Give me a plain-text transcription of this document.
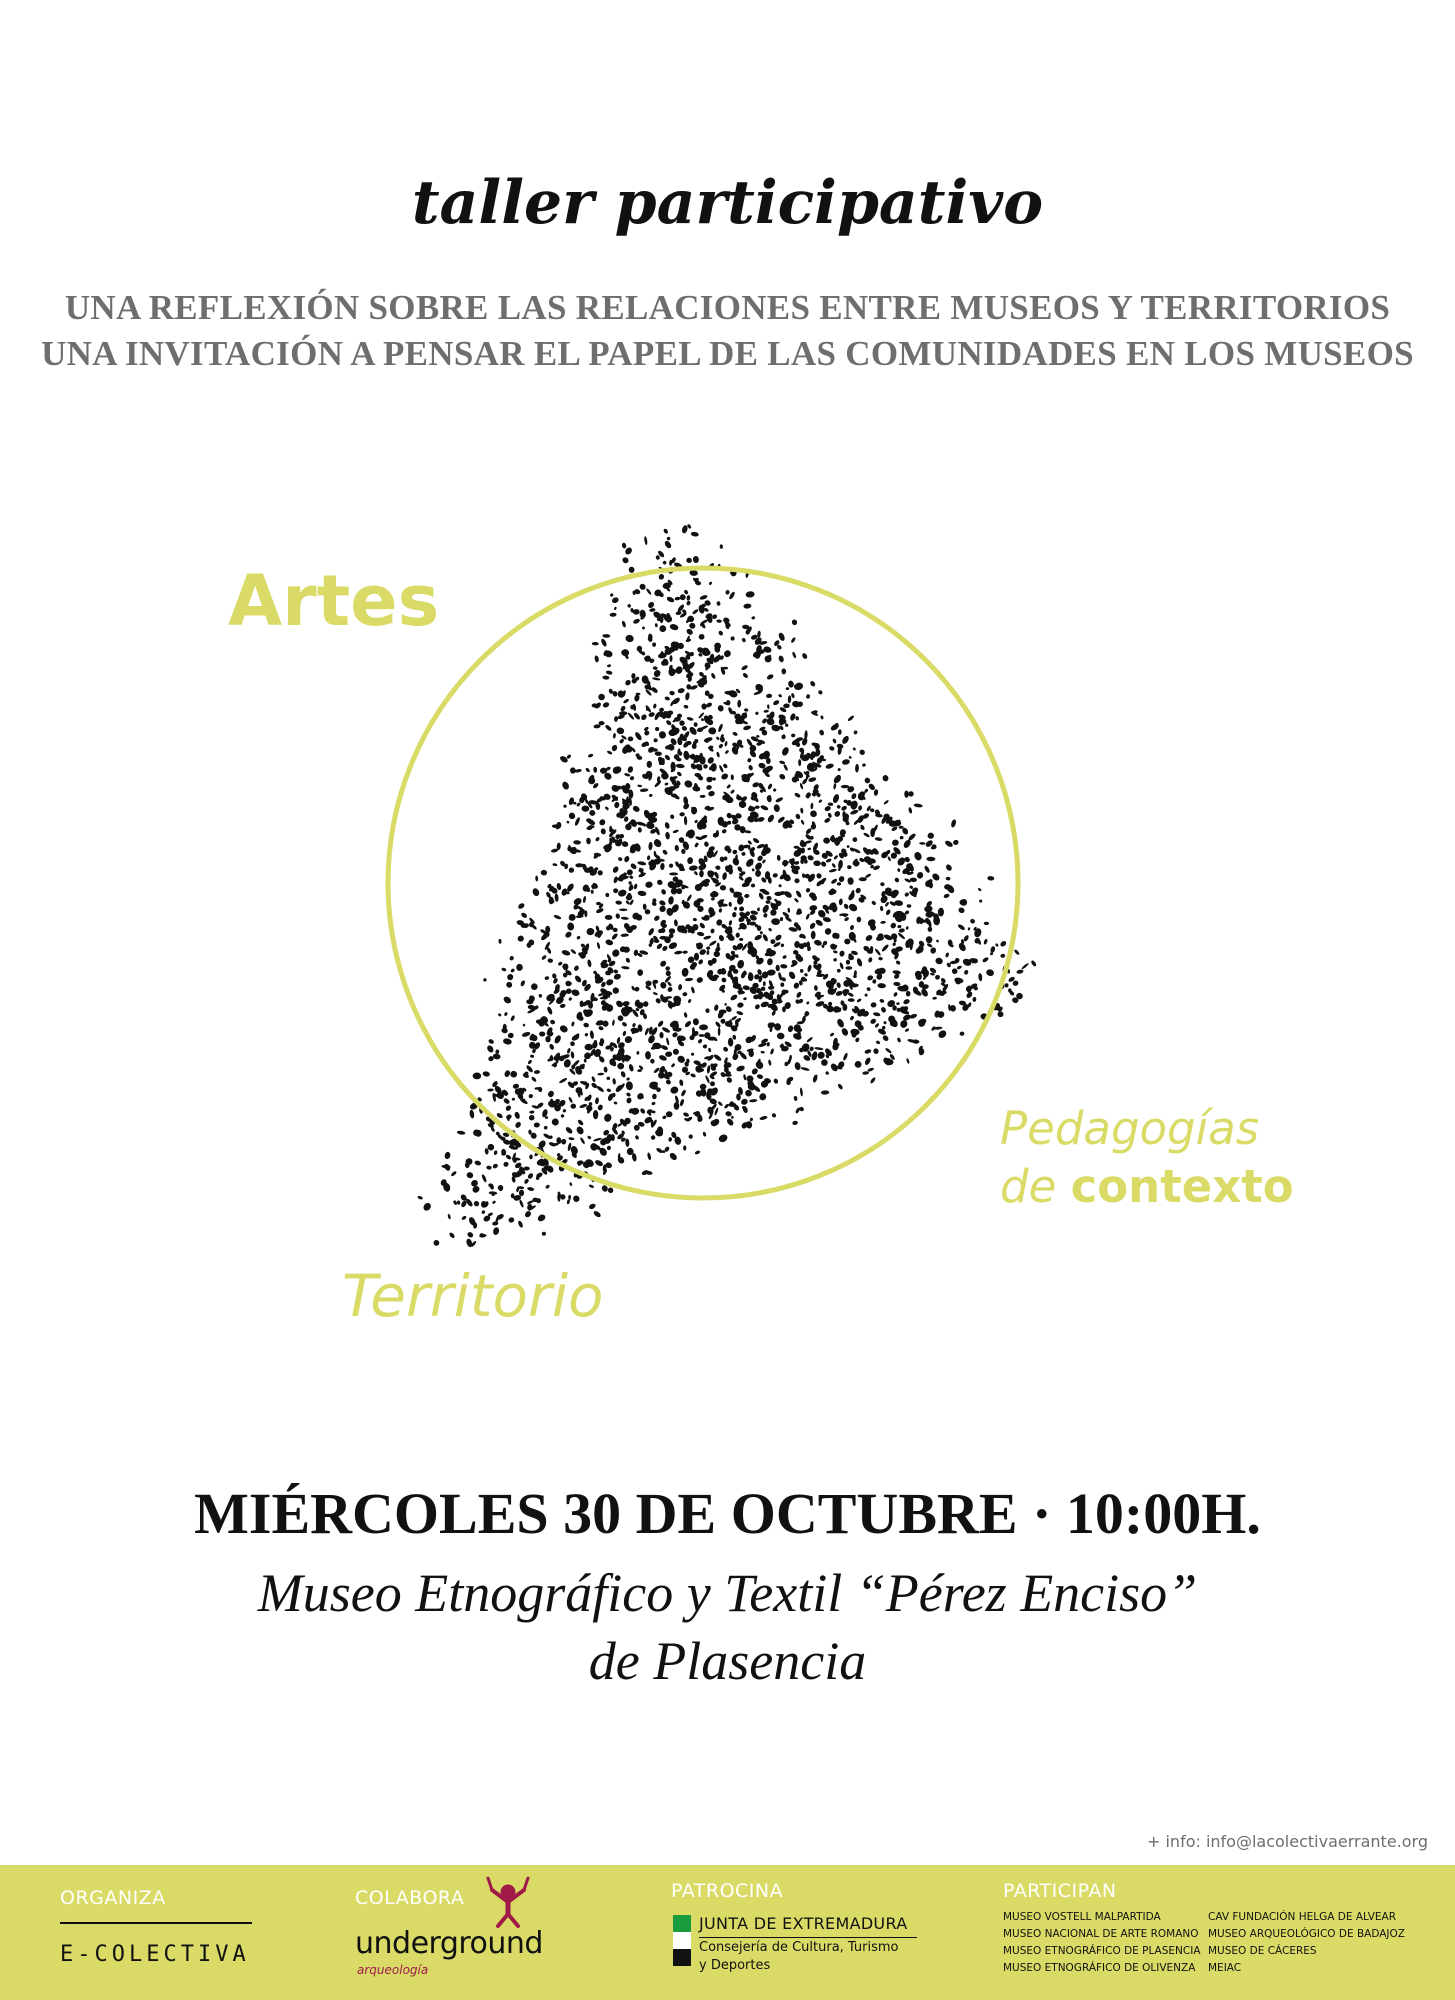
taller participativo
UNA REFLEXIÓN SOBRE LAS RELACIONES ENTRE MUSEOS Y TERRITORIOS
UNA INVITACIÓN A PENSAR EL PAPEL DE LAS COMUNIDADES EN LOS MUSEOS
Artes
Pedagogías
de contexto
Territorio
MIÉRCOLES 30 DE OCTUBRE · 10:00H.
Museo Etnográfico y Textil “Pérez Enciso”
de Plasencia
+ info: info@lacolectivaerrante.org
ORGANIZA
E-COLECTIVA
COLABORA
underground
arqueología
PATROCINA
JUNTA DE EXTREMADURA
Consejería de Cultura, Turismo
y Deportes
PARTICIPAN
MUSEO VOSTELL MALPARTIDA
MUSEO NACIONAL DE ARTE ROMANO
MUSEO ETNOGRÁFICO DE PLASENCIA
MUSEO ETNOGRÁFICO DE OLIVENZA
CAV FUNDACIÓN HELGA DE ALVEAR
MUSEO ARQUEOLÓGICO DE BADAJOZ
MUSEO DE CÁCERES
MEIAC
